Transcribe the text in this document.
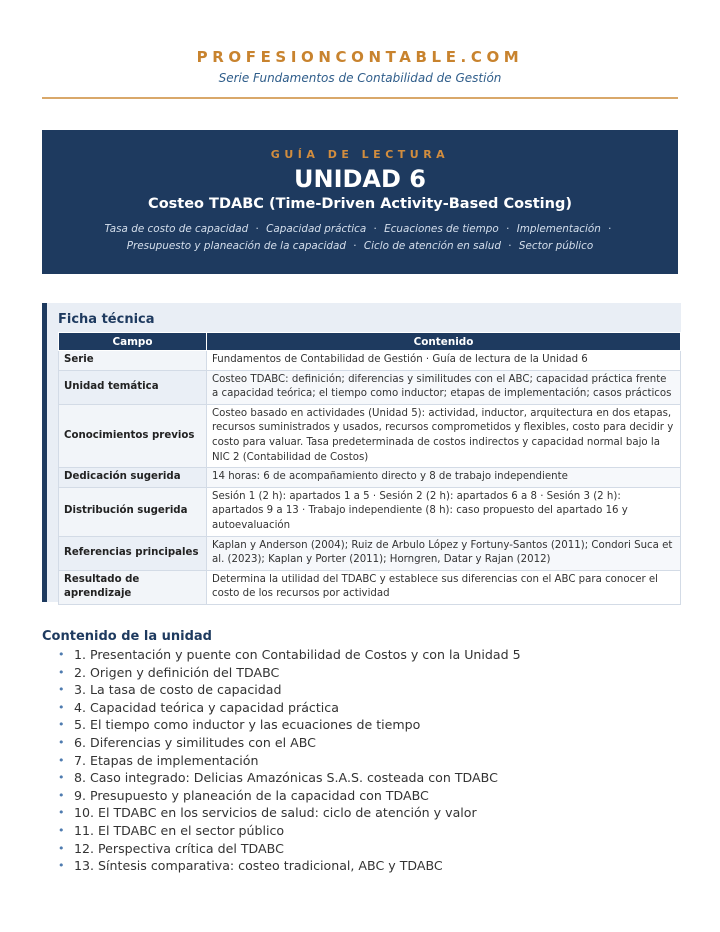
PROFESIONCONTABLE.COM
Serie Fundamentos de Contabilidad de Gestión
GUÍA DE LECTURA
UNIDAD 6
Costeo TDABC (Time-Driven Activity-Based Costing)
Tasa de costo de capacidad · Capacidad práctica · Ecuaciones de tiempo · Implementación · Presupuesto y planeación de la capacidad · Ciclo de atención en salud · Sector público
Ficha técnica
Campo	Contenido
Serie	Fundamentos de Contabilidad de Gestión · Guía de lectura de la Unidad 6
Unidad temática	Costeo TDABC: definición; diferencias y similitudes con el ABC; capacidad práctica frente a capacidad teórica; el tiempo como inductor; etapas de implementación; casos prácticos
Conocimientos previos	Costeo basado en actividades (Unidad 5): actividad, inductor, arquitectura en dos etapas, recursos suministrados y usados, recursos comprometidos y flexibles, costo para decidir y costo para valuar. Tasa predeterminada de costos indirectos y capacidad normal bajo la NIC 2 (Contabilidad de Costos)
Dedicación sugerida	14 horas: 6 de acompañamiento directo y 8 de trabajo independiente
Distribución sugerida	Sesión 1 (2 h): apartados 1 a 5 · Sesión 2 (2 h): apartados 6 a 8 · Sesión 3 (2 h): apartados 9 a 13 · Trabajo independiente (8 h): caso propuesto del apartado 16 y autoevaluación
Referencias principales	Kaplan y Anderson (2004); Ruiz de Arbulo López y Fortuny-Santos (2011); Condori Suca et al. (2023); Kaplan y Porter (2011); Horngren, Datar y Rajan (2012)
Resultado de aprendizaje	Determina la utilidad del TDABC y establece sus diferencias con el ABC para conocer el costo de los recursos por actividad
Contenido de la unidad
• 1. Presentación y puente con Contabilidad de Costos y con la Unidad 5
• 2. Origen y definición del TDABC
• 3. La tasa de costo de capacidad
• 4. Capacidad teórica y capacidad práctica
• 5. El tiempo como inductor y las ecuaciones de tiempo
• 6. Diferencias y similitudes con el ABC
• 7. Etapas de implementación
• 8. Caso integrado: Delicias Amazónicas S.A.S. costeada con TDABC
• 9. Presupuesto y planeación de la capacidad con TDABC
• 10. El TDABC en los servicios de salud: ciclo de atención y valor
• 11. El TDABC en el sector público
• 12. Perspectiva crítica del TDABC
• 13. Síntesis comparativa: costeo tradicional, ABC y TDABC
